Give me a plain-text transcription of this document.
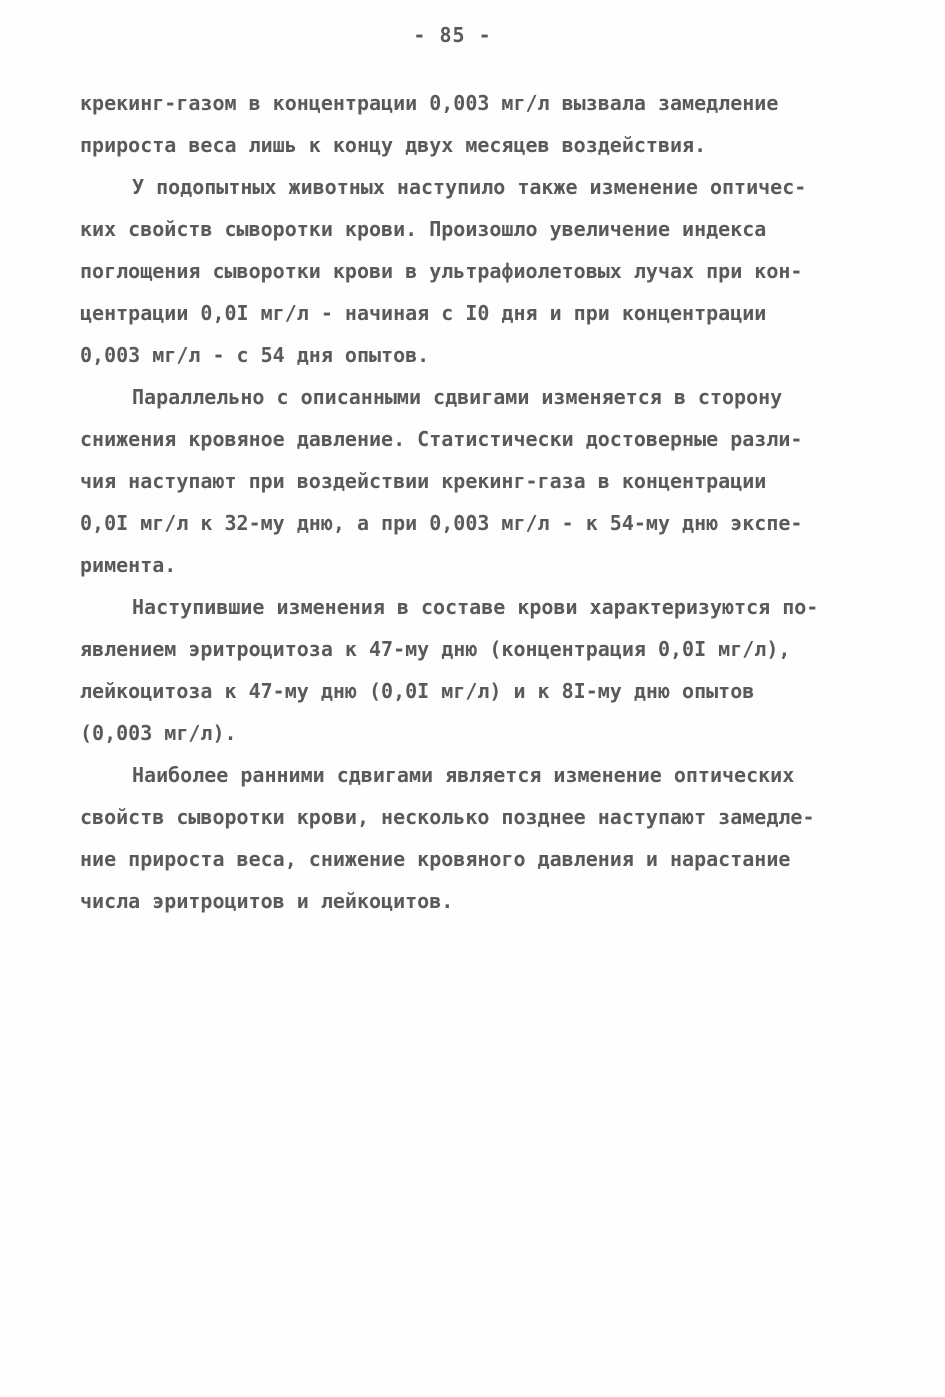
- 85 -
крекинг-газом в концентрации 0,003 мг/л вызвала замедление
прироста веса лишь к концу двух месяцев воздействия.
У подопытных животных наступило также изменение оптичес-
ких свойств сыворотки крови. Произошло увеличение индекса
поглощения сыворотки крови в ультрафиолетовых лучах при кон-
центрации 0,0I мг/л - начиная с I0 дня и при концентрации
0,003 мг/л - с 54 дня опытов.
Параллельно с описанными сдвигами изменяется в сторону
снижения кровяное давление. Статистически достоверные разли-
чия наступают при воздействии крекинг-газа в концентрации
0,0I мг/л к 32-му дню, а при 0,003 мг/л - к 54-му дню экспе-
римента.
Наступившие изменения в составе крови характеризуются по-
явлением эритроцитоза к 47-му дню (концентрация 0,0I мг/л),
лейкоцитоза к 47-му дню (0,0I мг/л) и к 8I-му дню опытов
(0,003 мг/л).
Наиболее ранними сдвигами является изменение оптических
свойств сыворотки крови, несколько позднее наступают замедле-
ние прироста веса, снижение кровяного давления и нарастание
числа эритроцитов и лейкоцитов.
